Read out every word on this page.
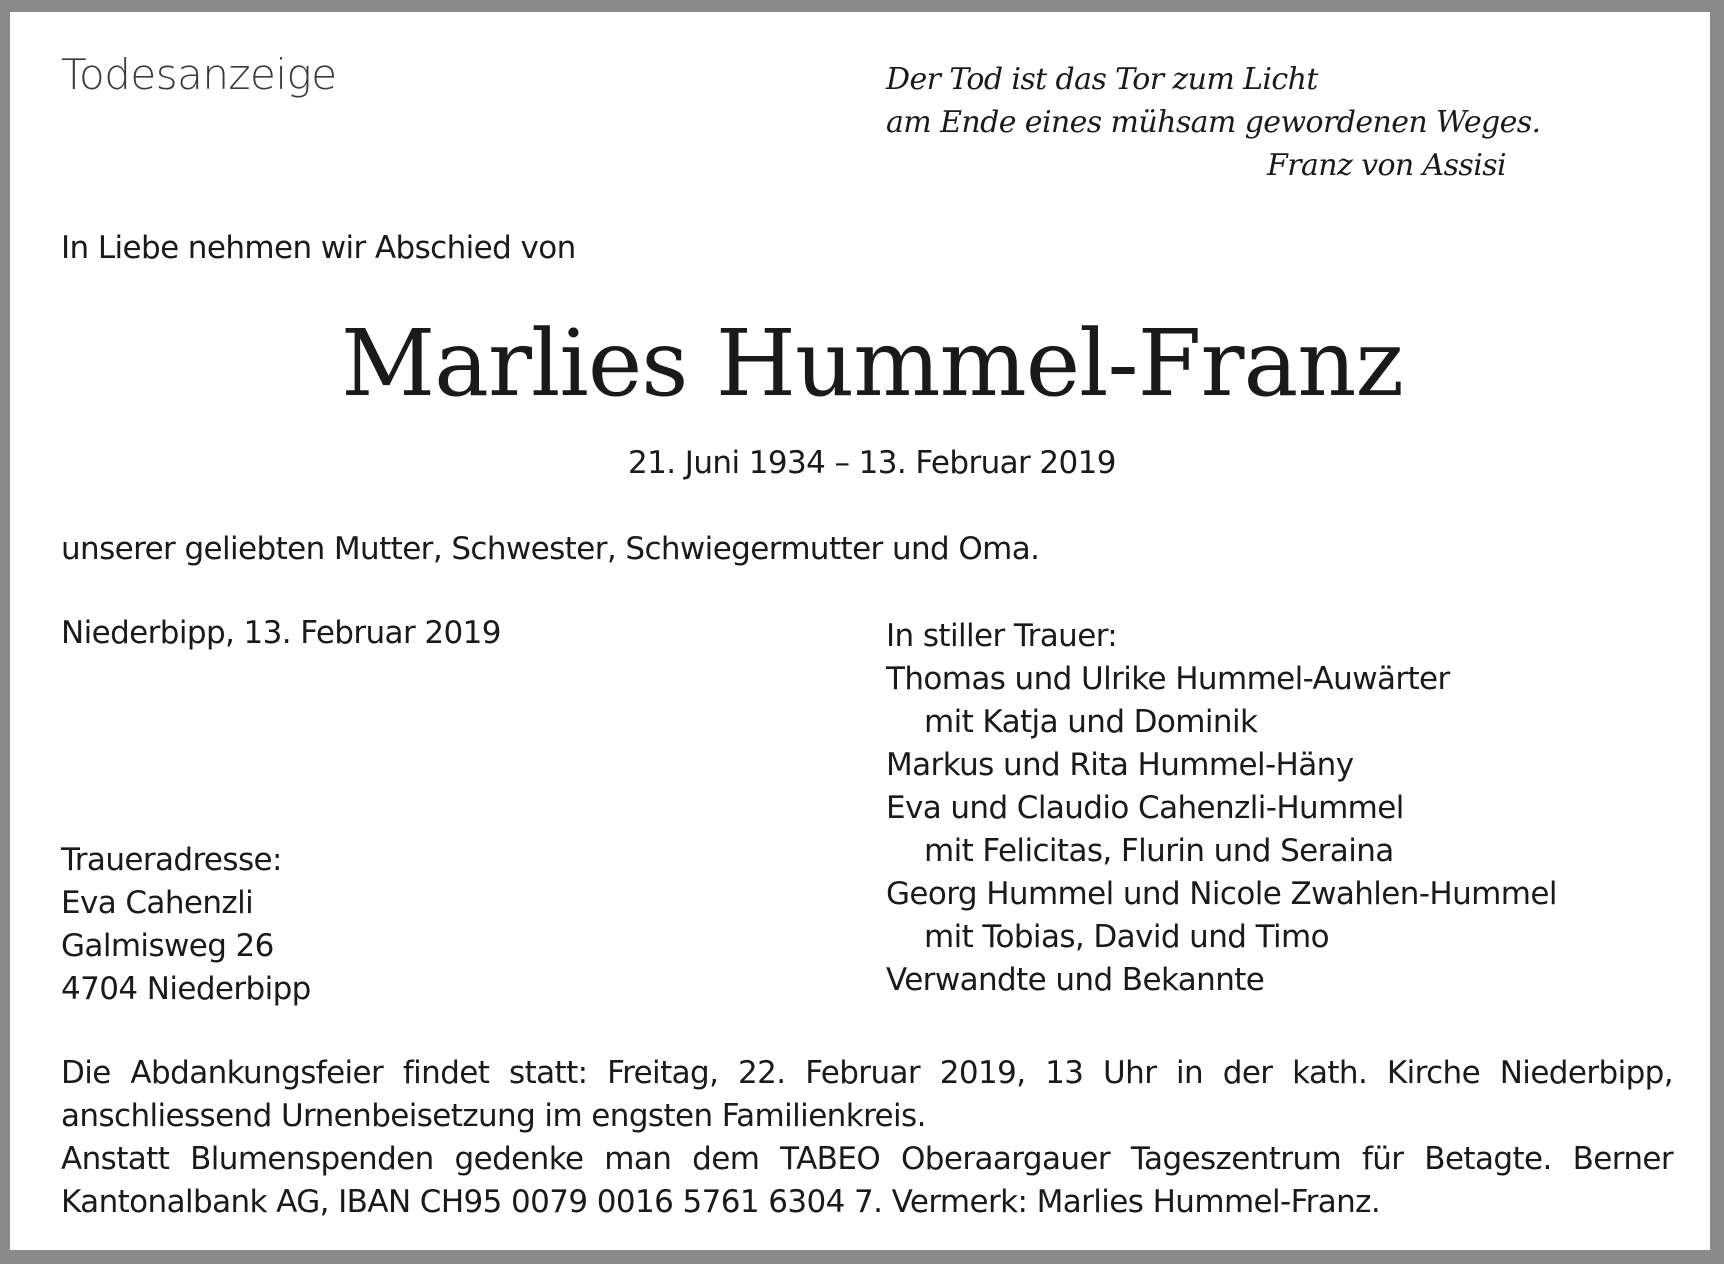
Todesanzeige	Der Tod ist das Tor zum Licht
am Ende eines mühsam gewordenen Weges.
Franz von Assisi
In Liebe nehmen wir Abschied von
Marlies Hummel-Franz
21. Juni 1934 – 13. Februar 2019
unserer geliebten Mutter, Schwester, Schwiegermutter und Oma.
Niederbipp, 13. Februar 2019	In stiller Trauer:
Thomas und Ulrike Hummel-Auwärter
mit Katja und Dominik
Markus und Rita Hummel-Häny
Eva und Claudio Cahenzli-Hummel
mit Felicitas, Flurin und Seraina
Georg Hummel und Nicole Zwahlen-Hummel
mit Tobias, David und Timo
Verwandte und Bekannte
Traueradresse:
Eva Cahenzli
Galmisweg 26
4704 Niederbipp

Die Abdankungsfeier findet statt: Freitag, 22. Februar 2019, 13 Uhr in der kath. Kirche Niederbipp, anschliessend Urnenbeisetzung im engsten Familienkreis.

Anstatt Blumenspenden gedenke man dem TABEO Oberaargauer Tageszentrum für Betagte. Berner Kantonalbank AG, IBAN CH95 0079 0016 5761 6304 7. Vermerk: Marlies Hummel-Franz.
